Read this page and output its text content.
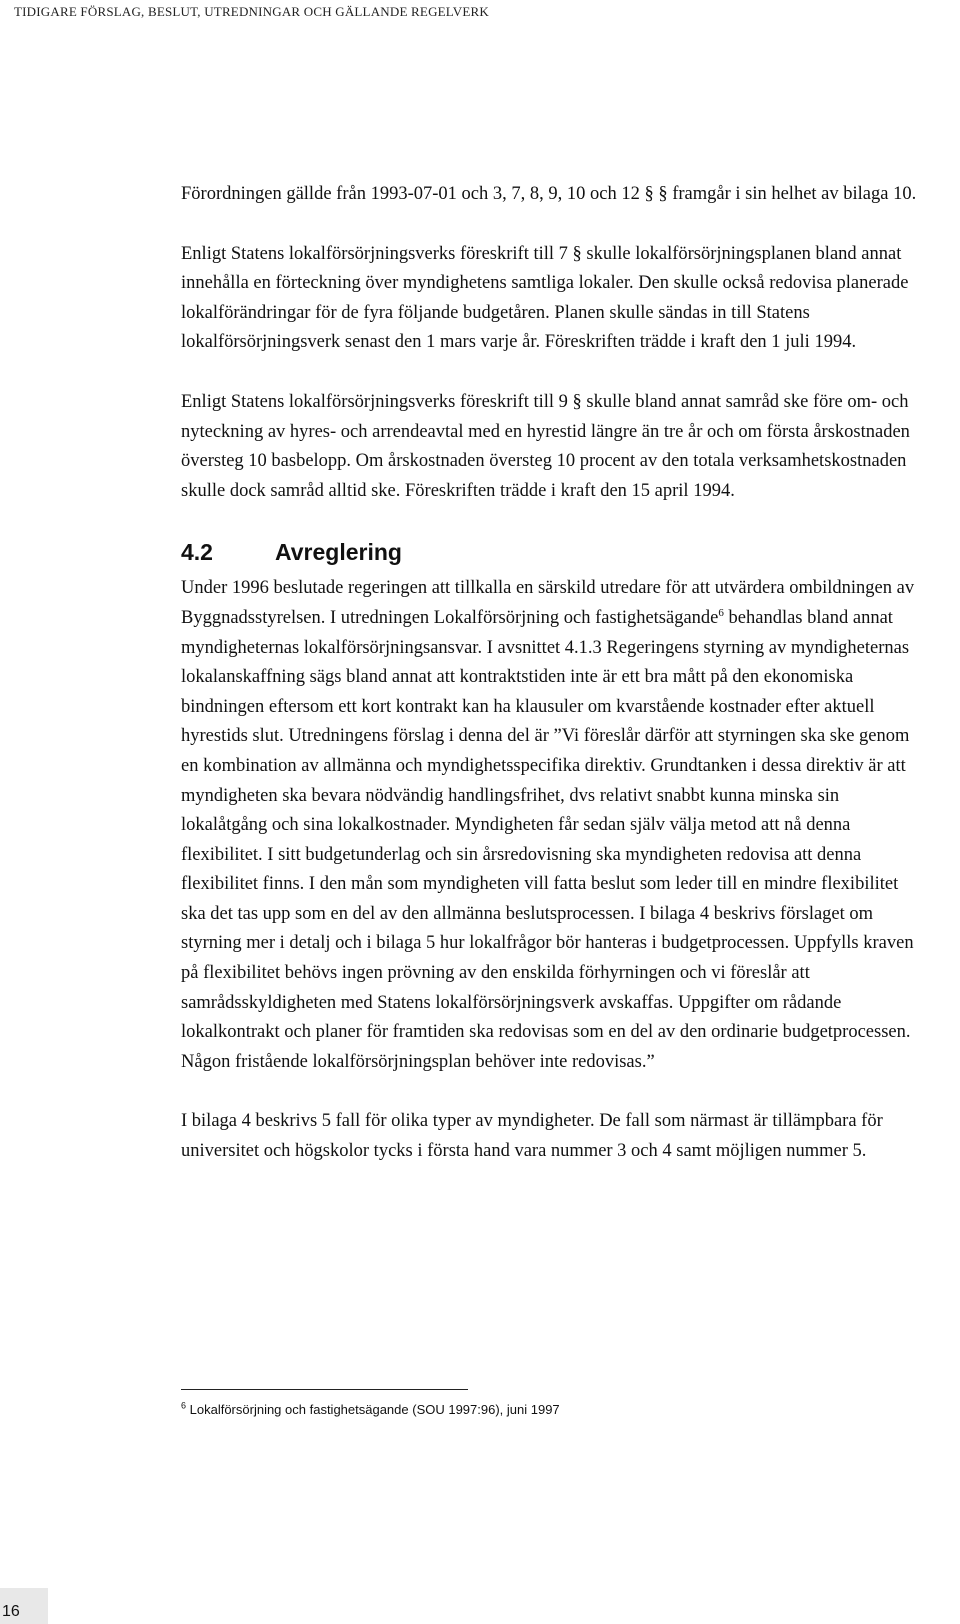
TIDIGARE FÖRSLAG, BESLUT, UTREDNINGAR OCH GÄLLANDE REGELVERK

Förordningen gällde från 1993-07-01 och 3, 7, 8, 9, 10 och 12 § § framgår i sin helhet av bilaga 10.

Enligt Statens lokalförsörjningsverks föreskrift till 7 § skulle lokalförsörjningsplanen bland annat innehålla en förteckning över myndighetens samtliga lokaler. Den skulle också redovisa planerade lokalförändringar för de fyra följande budgetåren. Planen skulle sändas in till Statens lokalförsörjningsverk senast den 1 mars varje år. Föreskriften trädde i kraft den 1 juli 1994.

Enligt Statens lokalförsörjningsverks föreskrift till 9 § skulle bland annat samråd ske före om- och nyteckning av hyres- och arrendeavtal med en hyrestid längre än tre år och om första årskostnaden översteg 10 basbelopp. Om årskostnaden översteg 10 procent av den totala verksamhetskostnaden skulle dock samråd alltid ske. Föreskriften trädde i kraft den 15 april 1994.

4.2	Avreglering

Under 1996 beslutade regeringen att tillkalla en särskild utredare för att utvärdera ombildningen av Byggnadsstyrelsen. I utredningen Lokalförsörjning och fastighetsägande$^6$ behandlas bland annat myndigheternas lokalförsörjningsansvar. I avsnittet 4.1.3 Regeringens styrning av myndigheternas lokalanskaffning sägs bland annat att kontraktstiden inte är ett bra mått på den ekonomiska bindningen eftersom ett kort kontrakt kan ha klausuler om kvarstående kostnader efter aktuell hyrestids slut. Utredningens förslag i denna del är ”Vi föreslår därför att styrningen ska ske genom en kombination av allmänna och myndighetsspecifika direktiv. Grundtanken i dessa direktiv är att myndigheten ska bevara nödvändig handlingsfrihet, dvs relativt snabbt kunna minska sin lokalåtgång och sina lokalkostnader. Myndigheten får sedan själv välja metod att nå denna flexibilitet. I sitt budgetunderlag och sin årsredovisning ska myndigheten redovisa att denna flexibilitet finns. I den mån som myndigheten vill fatta beslut som leder till en mindre flexibilitet ska det tas upp som en del av den allmänna beslutsprocessen. I bilaga 4 beskrivs förslaget om styrning mer i detalj och i bilaga 5 hur lokalfrågor bör hanteras i budgetprocessen. Uppfylls kraven på flexibilitet behövs ingen prövning av den enskilda förhyrningen och vi föreslår att samrådsskyldigheten med Statens lokalförsörjningsverk avskaffas. Uppgifter om rådande lokalkontrakt och planer för framtiden ska redovisas som en del av den ordinarie budgetprocessen. Någon fristående lokalförsörjningsplan behöver inte redovisas.”

I bilaga 4 beskrivs 5 fall för olika typer av myndigheter. De fall som närmast är tillämpbara för universitet och högskolor tycks i första hand vara nummer 3 och 4 samt möjligen nummer 5.

$^6$ Lokalförsörjning och fastighetsägande (SOU 1997:96), juni 1997
16
